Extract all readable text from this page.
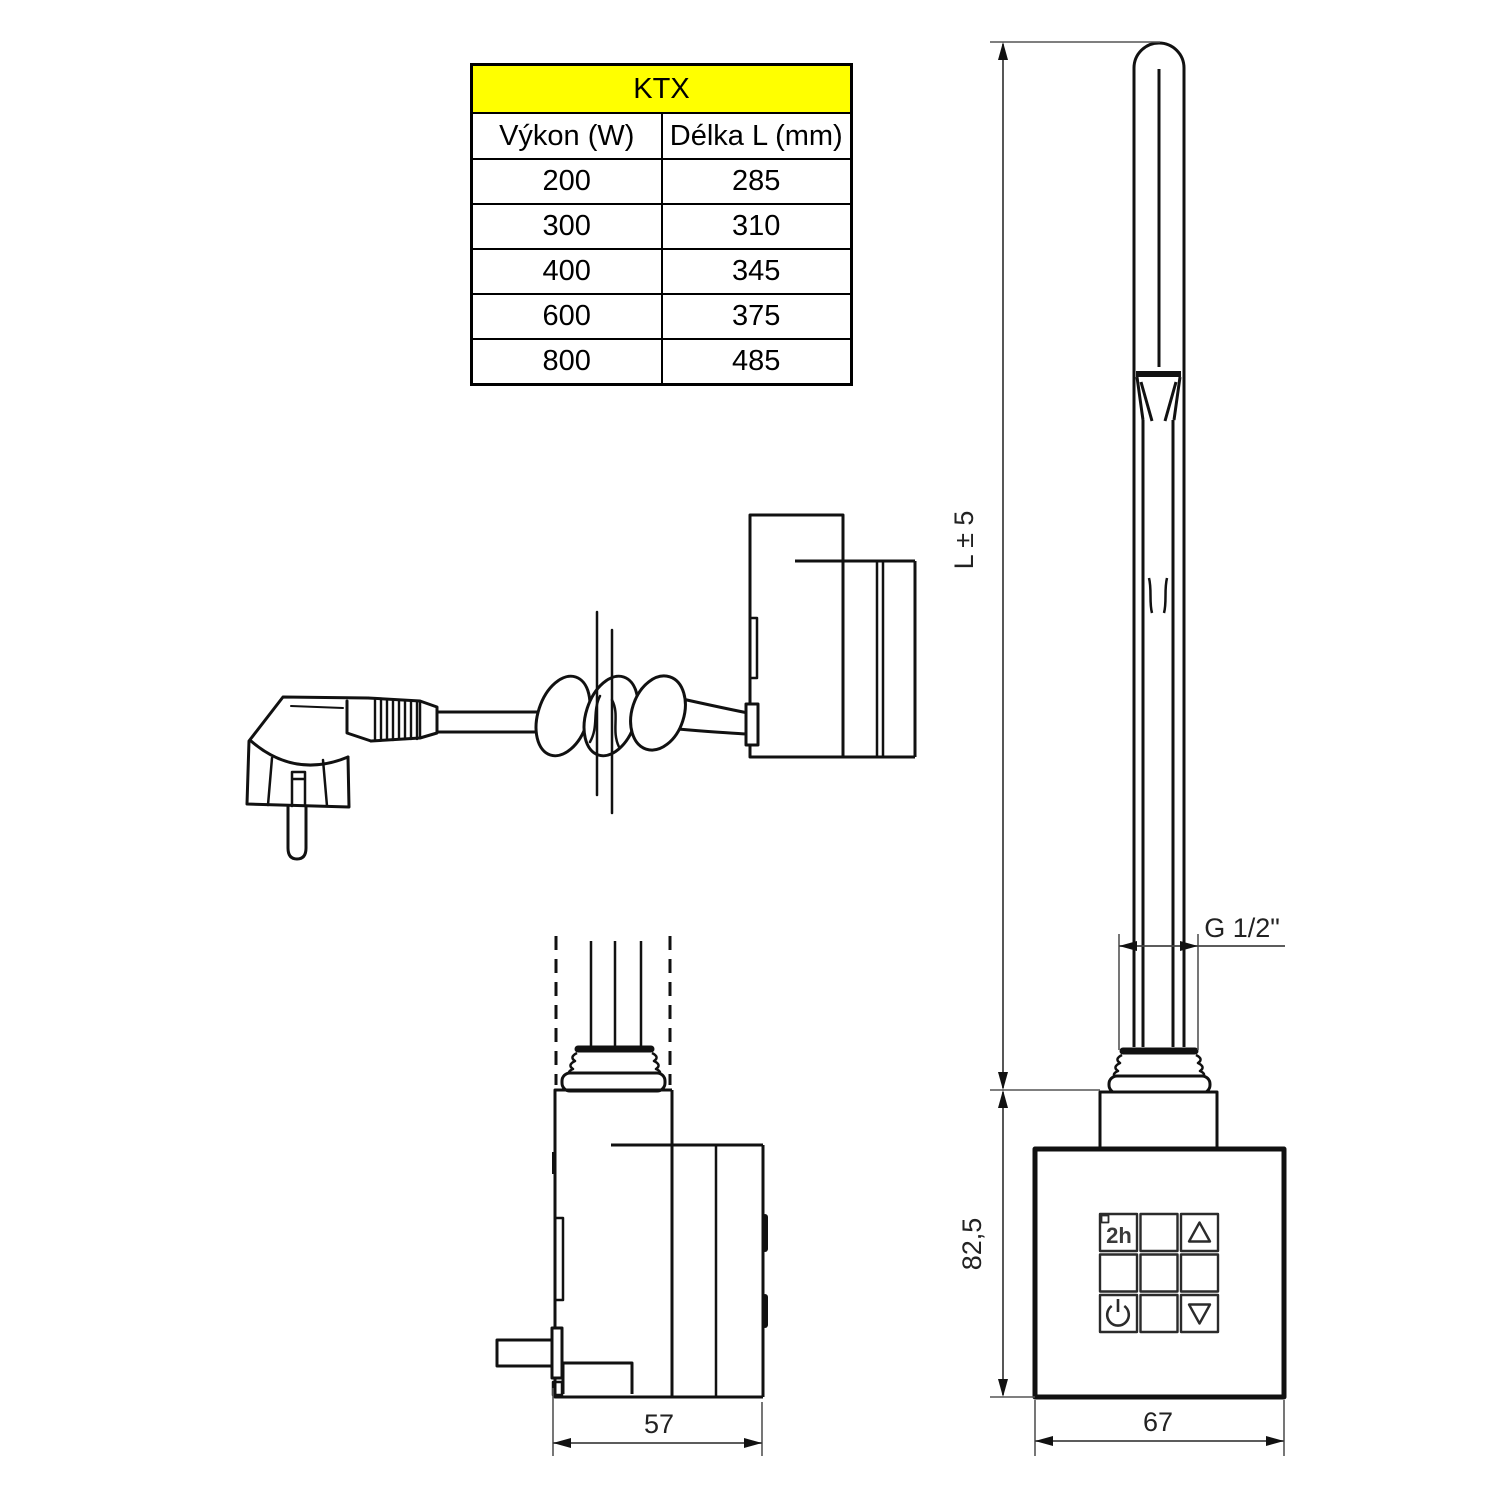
KTX	
Výkon (W)	Délka L (mm)
200	285
300	310
400	345
600	375
800	485
2h
L ± 5
82,5
G 1/2"
67
57
